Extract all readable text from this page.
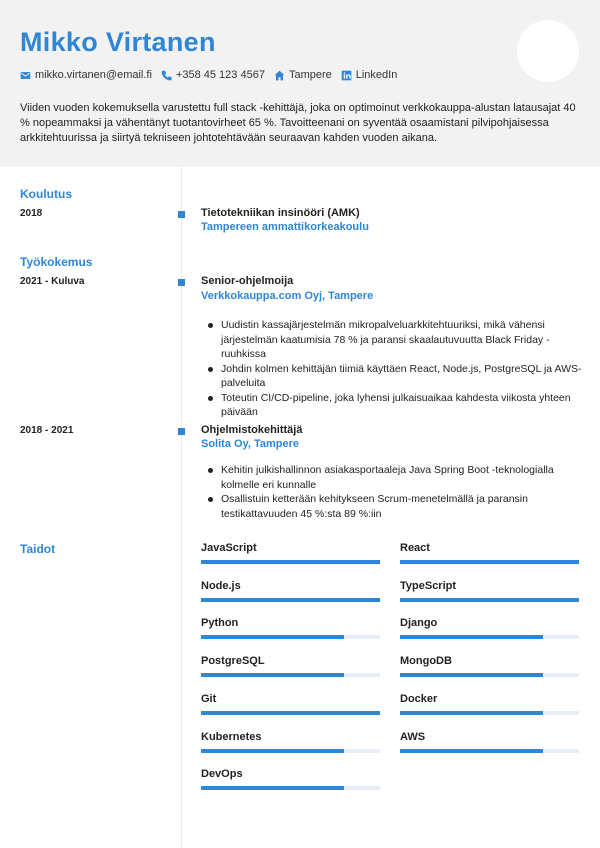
Mikko Virtanen
mikko.virtanen@email.fi +358 45 123 4567 Tampere LinkedIn

Viiden vuoden kokemuksella varustettu full stack -kehittäjä, joka on optimoinut verkkokauppa-alustan latausajat 40 % nopeammaksi ja vähentänyt tuotantovirheet 65 %. Tavoitteenani on syventää osaamistani pilvipohjaisessa arkkitehtuurissa ja siirtyä tekniseen johtotehtävään seuraavan kahden vuoden aikana.

Koulutus
2018	Tietotekniikan insinööri (AMK)
Tampereen ammattikorkeakoulu
Työkokemus
2021 - Kuluva	Senior-ohjelmoija
Verkkokauppa.com Oyj, Tampere
Uudistin kassajärjestelmän mikropalveluarkkitehtuuriksi, mikä vähensi järjestelmän kaatumisia 78 % ja paransi skaalautuvuutta Black Friday -ruuhkissa
Johdin kolmen kehittäjän tiimiä käyttäen React, Node.js, PostgreSQL ja AWS-palveluita
Toteutin CI/CD-pipeline, joka lyhensi julkaisuaikaa kahdesta viikosta yhteen päivään
2018 - 2021	Ohjelmistokehittäjä
Solita Oy, Tampere
Kehitin julkishallinnon asiakasportaaleja Java Spring Boot -teknologialla kolmelle eri kunnalle
Osallistuin ketterään kehitykseen Scrum-menetelmällä ja paransin testikattavuuden 45 %:sta 89 %:iin
Taidot	JavaScript	React
Node.js	TypeScript
Python	Django
PostgreSQL	MongoDB
Git	Docker
Kubernetes	AWS
DevOps
